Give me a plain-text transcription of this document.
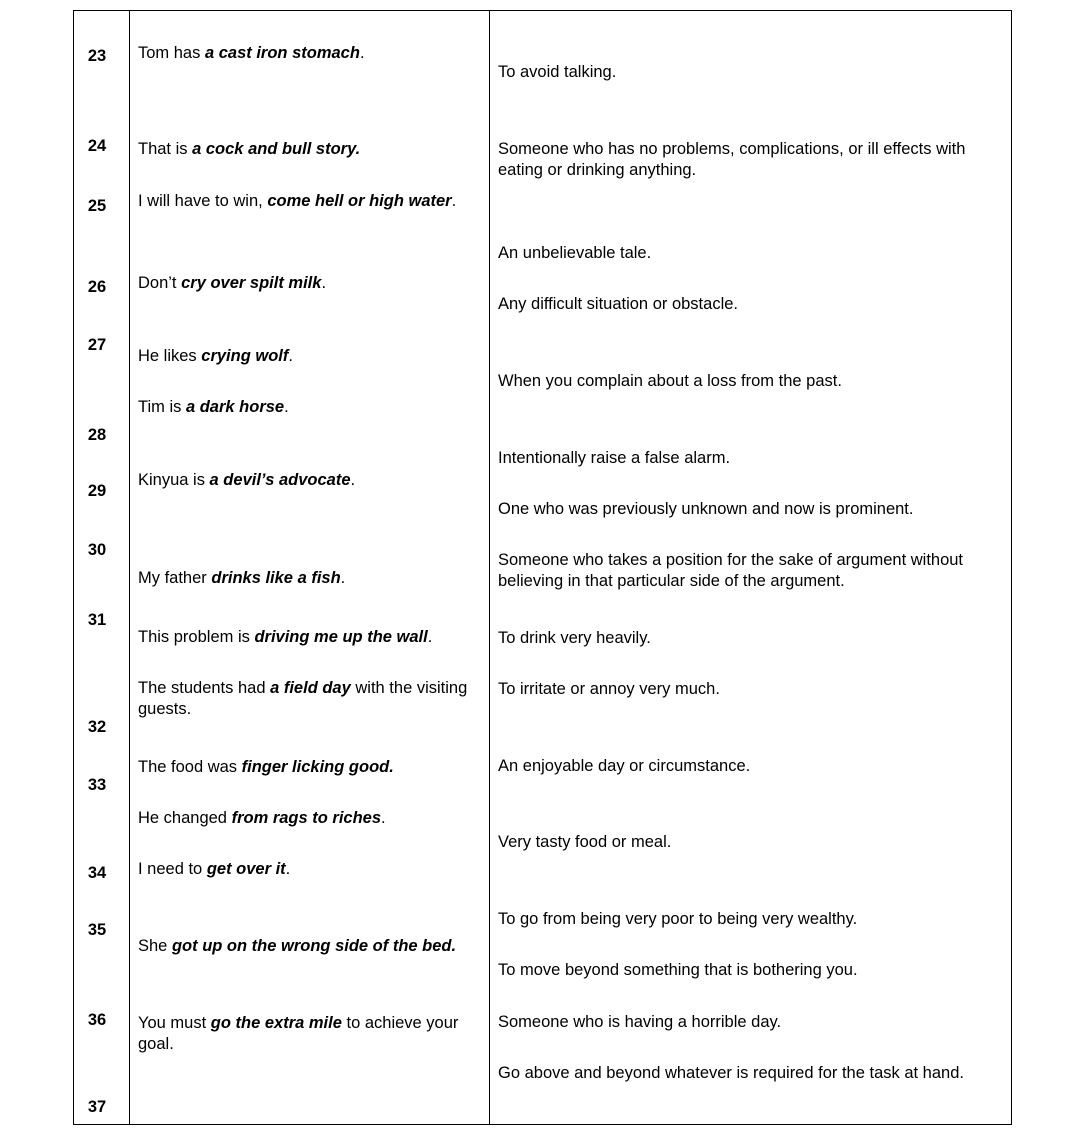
23
24
25
26
27
28
29
30
31
32
33
34
35
36
37
Tom has a cast iron stomach.
That is a cock and bull story.
I will have to win, come hell or high water.
Don’t cry over spilt milk.
He likes crying wolf.
Tim is a dark horse.
Kinyua is a devil’s advocate.
My father drinks like a fish.
This problem is driving me up the wall.
The students had a field day with the visiting guests.
The food was finger licking good.
He changed from rags to riches.
I need to get over it.
She got up on the wrong side of the bed.
You must go the extra mile to achieve your goal.
To avoid talking.
Someone who has no problems, complications, or ill effects with eating or drinking anything.
An unbelievable tale.
Any difficult situation or obstacle.
When you complain about a loss from the past.
Intentionally raise a false alarm.
One who was previously unknown and now is prominent.
Someone who takes a position for the sake of argument without believing in that particular side of the argument.
To drink very heavily.
To irritate or annoy very much.
An enjoyable day or circumstance.
Very tasty food or meal.
To go from being very poor to being very wealthy.
To move beyond something that is bothering you.
Someone who is having a horrible day.
Go above and beyond whatever is required for the task at hand.
